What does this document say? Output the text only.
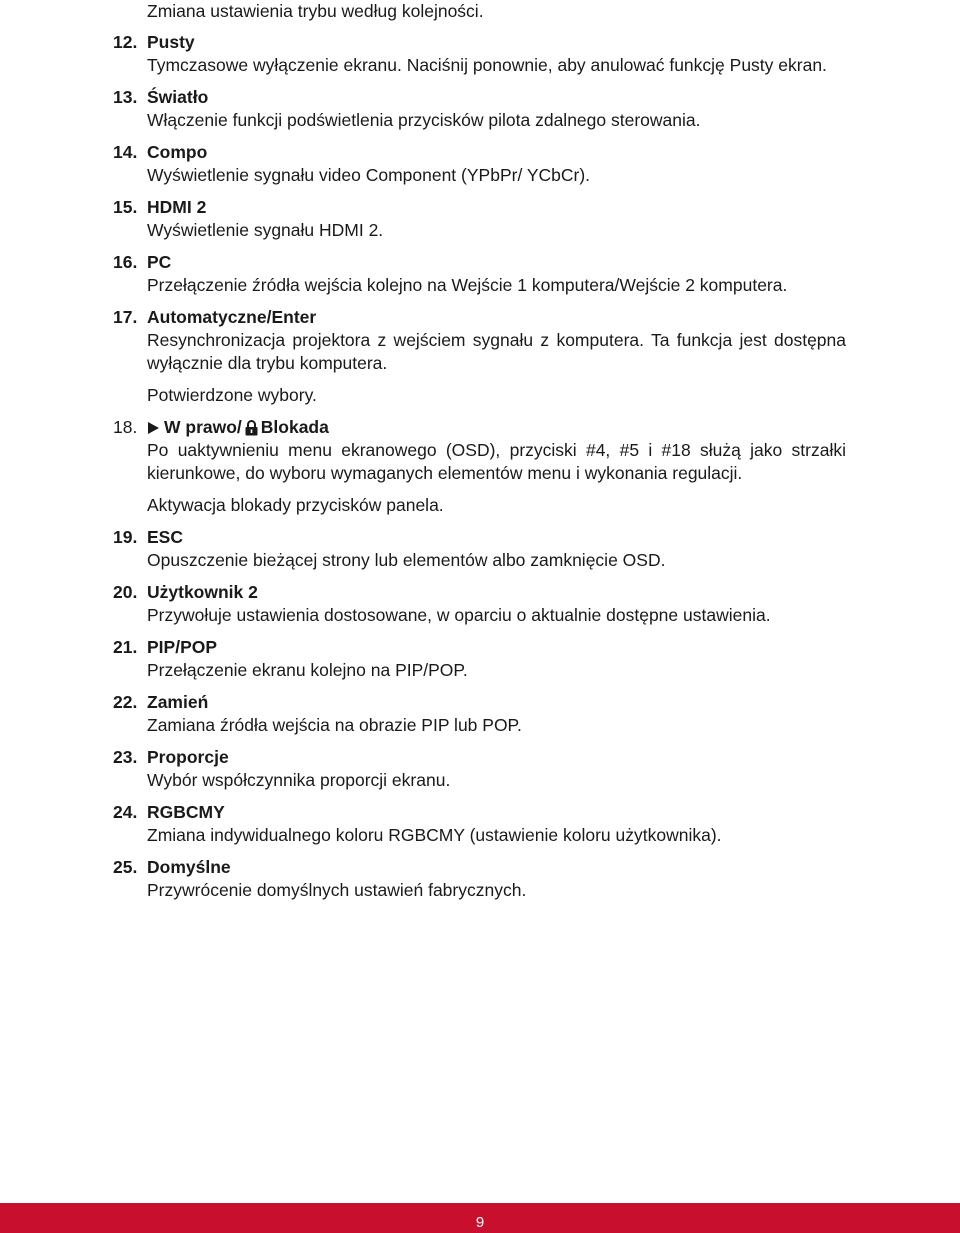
Zmiana ustawienia trybu według kolejności.
12. Pusty
Tymczasowe wyłączenie ekranu. Naciśnij ponownie, aby anulować funkcję Pusty ekran.
13. Światło
Włączenie funkcji podświetlenia przycisków pilota zdalnego sterowania.
14. Compo
Wyświetlenie sygnału video Component (YPbPr/ YCbCr).
15. HDMI 2
Wyświetlenie sygnału HDMI 2.
16. PC
Przełączenie źródła wejścia kolejno na Wejście 1 komputera/Wejście 2 komputera.
17. Automatyczne/Enter
Resynchronizacja projektora z wejściem sygnału z komputera. Ta funkcja jest dostępna wyłącznie dla trybu komputera.
Potwierdzone wybory.
18.	W prawo/ Blokada
Po uaktywnieniu menu ekranowego (OSD), przyciski #4, #5 i #18 służą jako strzałki kierunkowe, do wyboru wymaganych elementów menu i wykonania regulacji.
Aktywacja blokady przycisków panela.
19. ESC
Opuszczenie bieżącej strony lub elementów albo zamknięcie OSD.
20. Użytkownik 2
Przywołuje ustawienia dostosowane, w oparciu o aktualnie dostępne ustawienia.
21. PIP/POP
Przełączenie ekranu kolejno na PIP/POP.
22. Zamień
Zamiana źródła wejścia na obrazie PIP lub POP.
23. Proporcje
Wybór współczynnika proporcji ekranu.
24. RGBCMY
Zmiana indywidualnego koloru RGBCMY (ustawienie koloru użytkownika).
25. Domyślne
Przywrócenie domyślnych ustawień fabrycznych.
9
